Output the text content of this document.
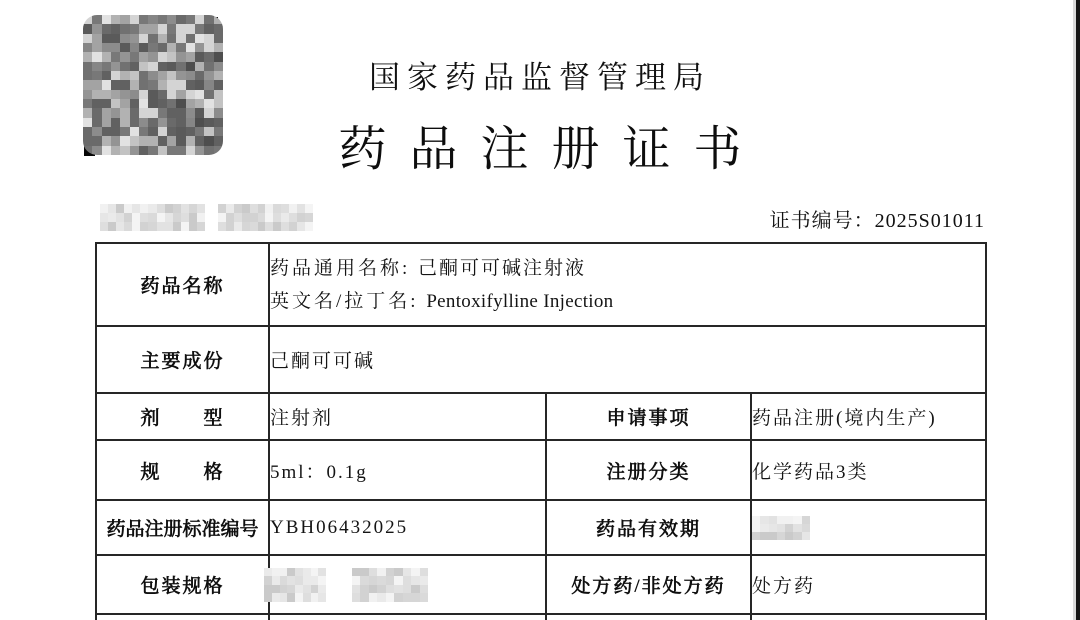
国家药品监督管理局
药品注册证书
证书编号：2025S01011
药品名称	药品通用名称: 己酮可可碱注射液
英文名/拉丁名: Pentoxifylline Injection		

主要成份	己酮可可碱		
剂　　型	注射剂	申请事项	药品注册(境内生产)
规　　格	5ml：0.1g	注册分类	化学药品3类
药品注册标准编号	YBH06432025	药品有效期	

包装规格		处方药/非处方药	处方药
